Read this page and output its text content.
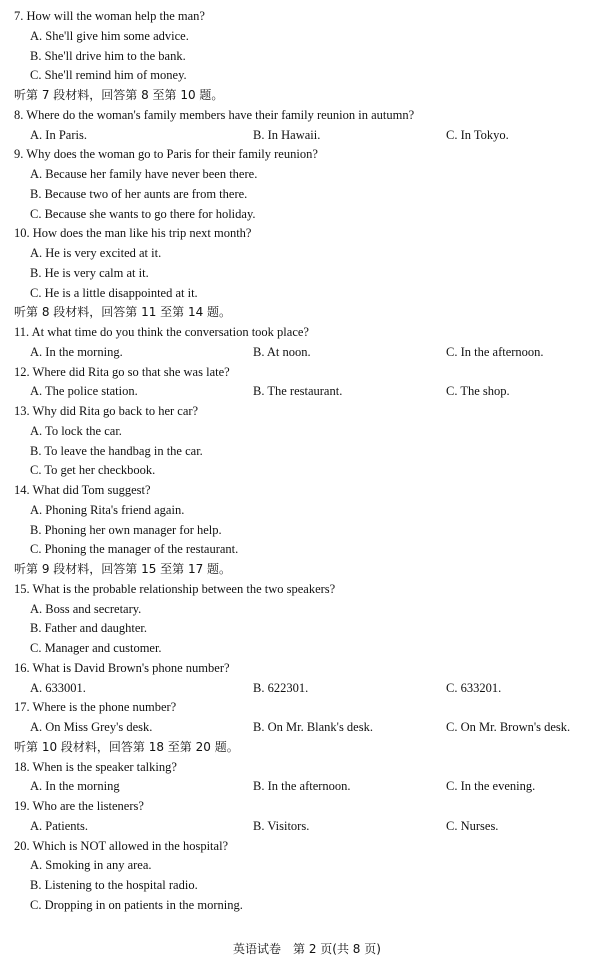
7. How will the woman help the man?
A. She'll give him some advice.
B. She'll drive him to the bank.
C. She'll remind him of money.
听第 7 段材料，回答第 8 至第 10 题。
8. Where do the woman's family members have their family reunion in autumn?
A. In Paris.	B. In Hawaii.	C. In Tokyo.
9. Why does the woman go to Paris for their family reunion?
A. Because her family have never been there.
B. Because two of her aunts are from there.
C. Because she wants to go there for holiday.
10. How does the man like his trip next month?
A. He is very excited at it.
B. He is very calm at it.
C. He is a little disappointed at it.
听第 8 段材料，回答第 11 至第 14 题。
11. At what time do you think the conversation took place?
A. In the morning.	B. At noon.	C. In the afternoon.
12. Where did Rita go so that she was late?
A. The police station.	B. The restaurant.	C. The shop.
13. Why did Rita go back to her car?
A. To lock the car.
B. To leave the handbag in the car.
C. To get her checkbook.
14. What did Tom suggest?
A. Phoning Rita's friend again.
B. Phoning her own manager for help.
C. Phoning the manager of the restaurant.
听第 9 段材料，回答第 15 至第 17 题。
15. What is the probable relationship between the two speakers?
A. Boss and secretary.
B. Father and daughter.
C. Manager and customer.
16. What is David Brown's phone number?
A. 633001.	B. 622301.	C. 633201.
17. Where is the phone number?
A. On Miss Grey's desk.	B. On Mr. Blank's desk.	C. On Mr. Brown's desk.
听第 10 段材料，回答第 18 至第 20 题。
18. When is the speaker talking?
A. In the morning	B. In the afternoon.	C. In the evening.
19. Who are the listeners?
A. Patients.	B. Visitors.	C. Nurses.
20. Which is NOT allowed in the hospital?
A. Smoking in any area.
B. Listening to the hospital radio.
C. Dropping in on patients in the morning.
英语试卷　第 2 页(共 8 页)
